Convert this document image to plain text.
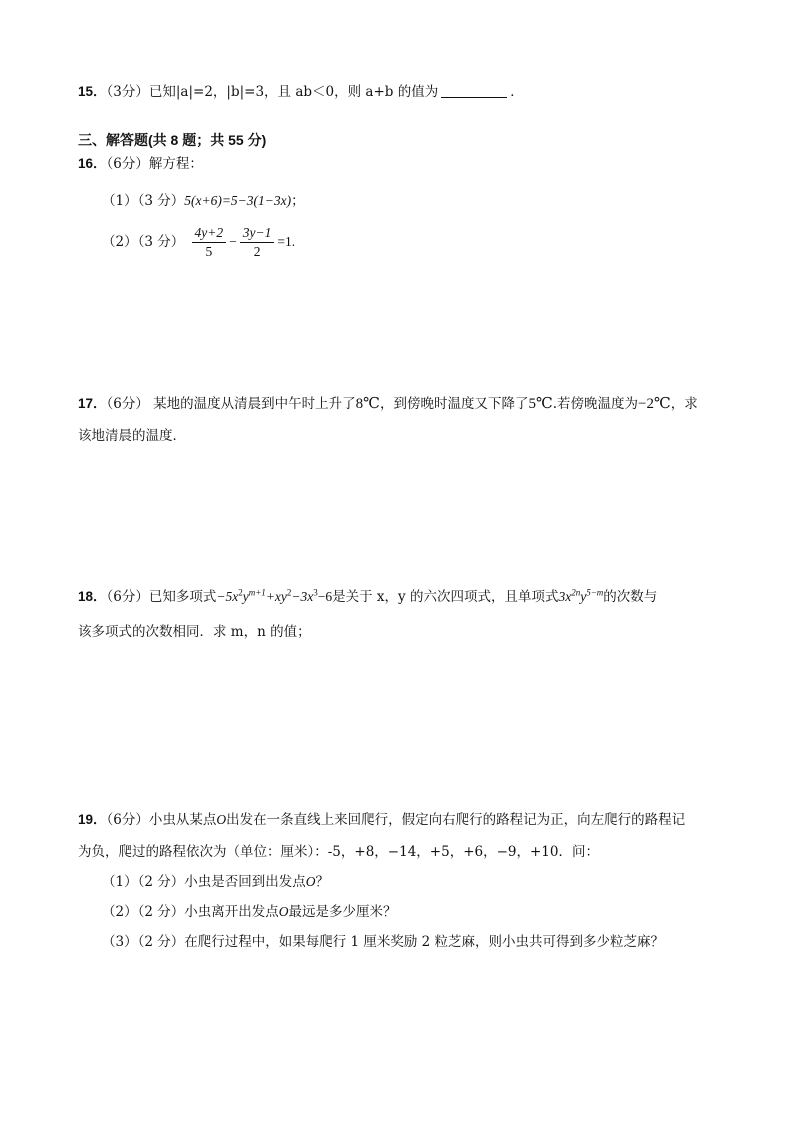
15．（3分）已知|a|=2，|b|=3，且 ab＜0，则 a+b 的值为	．
三、解答题(共 8 题；共 55 分)
16．（6分）解方程：
（1）（3 分）5(x+6)=5−3(1−3x)；
（2）（3 分） $\frac{4y+2}{5} - \frac{3y-1}{2} =1$.
17．（6分） 某地的温度从清晨到中午时上升了8℃，到傍晚时温度又下降了5℃.若傍晚温度为−2℃，求
该地清晨的温度．
18．（6分）已知多项式$-5x^2y^{m+1}+xy^2-3x^3-6$是关于 x，y 的六次四项式，且单项式$3x^{2n}y^{5-m}$的次数与
该多项式的次数相同．求 m，n 的值；
19．（6分）小虫从某点O出发在一条直线上来回爬行，假定向右爬行的路程记为正，向左爬行的路程记
为负，爬过的路程依次为（单位：厘米）：-5，+8，−14，+5，+6，−9，+10．问：
（1）（2 分）小虫是否回到出发点O？
（2）（2 分）小虫离开出发点O最远是多少厘米？
（3）（2 分）在爬行过程中，如果每爬行 1 厘米奖励 2 粒芝麻，则小虫共可得到多少粒芝麻？
